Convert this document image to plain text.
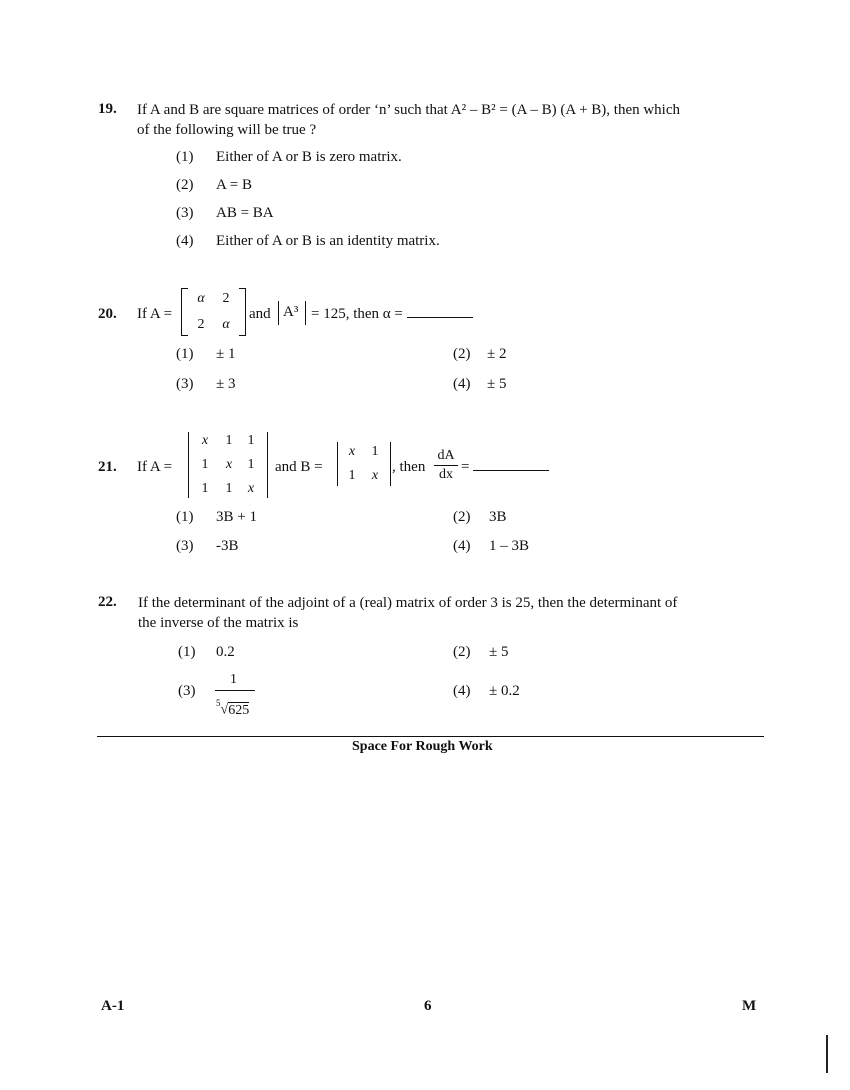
19. If A and B are square matrices of order ‘n’ such that A² – B² = (A – B) (A + B), then which
of the following will be true ?
(1) Either of A or B is zero matrix.
(2) A = B
(3) AB = BA
(4) Either of A or B is an identity matrix.
20. If A =
α	2
2	α
and A³ = 125, then α =
(1) ± 1	(2) ± 2
(3) ± 3	(4) ± 5
21. If A =
x	1	1
1	x	1
1	1	x
and B =
x	1
1	x
, then
dA
dx =
(1) 3B + 1	(2) 3B
(3) -3B	(4) 1 – 3B
22. If the determinant of the adjoint of a (real) matrix of order 3 is 25, then the determinant of
the inverse of the matrix is
(1) 0.2	(2) ± 5
(3)
1
$^5$√625
(4) ± 0.2
Space For Rough Work
A-1	6	M
